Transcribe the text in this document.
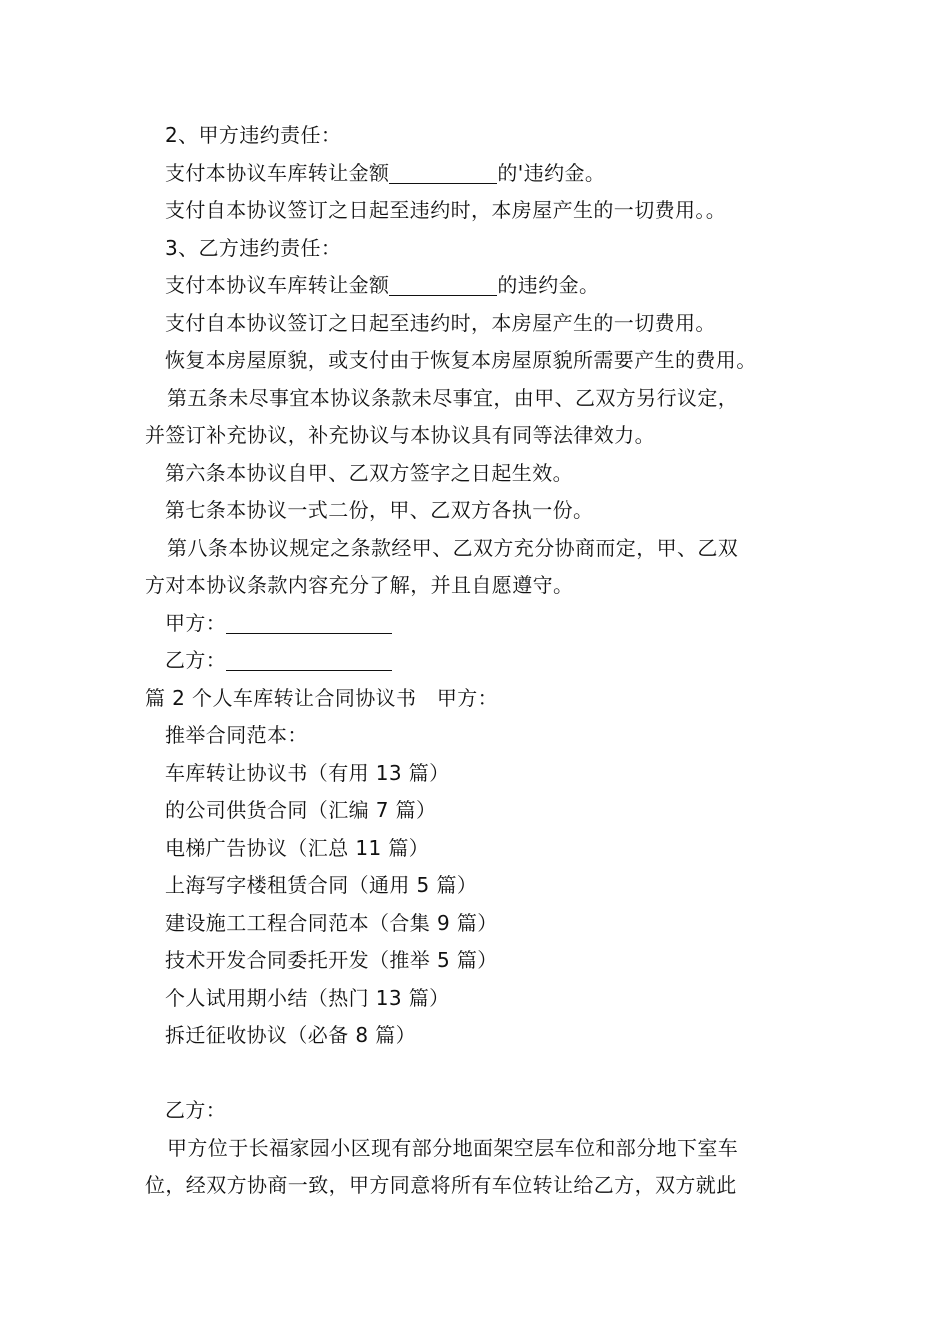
2、甲方违约责任：
支付本协议车库转让金额	的'违约金。
支付自本协议签订之日起至违约时，本房屋产生的一切费用。。
3、乙方违约责任：
支付本协议车库转让金额	的违约金。
支付自本协议签订之日起至违约时，本房屋产生的一切费用。
恢复本房屋原貌，或支付由于恢复本房屋原貌所需要产生的费用。
第五条未尽事宜本协议条款未尽事宜，由甲、乙双方另行议定，
并签订补充协议，补充协议与本协议具有同等法律效力。
第六条本协议自甲、乙双方签字之日起生效。
第七条本协议一式二份，甲、乙双方各执一份。
第八条本协议规定之条款经甲、乙双方充分协商而定，甲、乙双
方对本协议条款内容充分了解，并且自愿遵守。
甲方：
乙方：
篇 2 个人车库转让合同协议书　甲方：
推举合同范本：
车库转让协议书（有用 13 篇）
的公司供货合同（汇编 7 篇）
电梯广告协议（汇总 11 篇）
上海写字楼租赁合同（通用 5 篇）
建设施工工程合同范本（合集 9 篇）
技术开发合同委托开发（推举 5 篇）
个人试用期小结（热门 13 篇）
拆迁征收协议（必备 8 篇）
乙方：
甲方位于长福家园小区现有部分地面架空层车位和部分地下室车
位，经双方协商一致，甲方同意将所有车位转让给乙方，双方就此
